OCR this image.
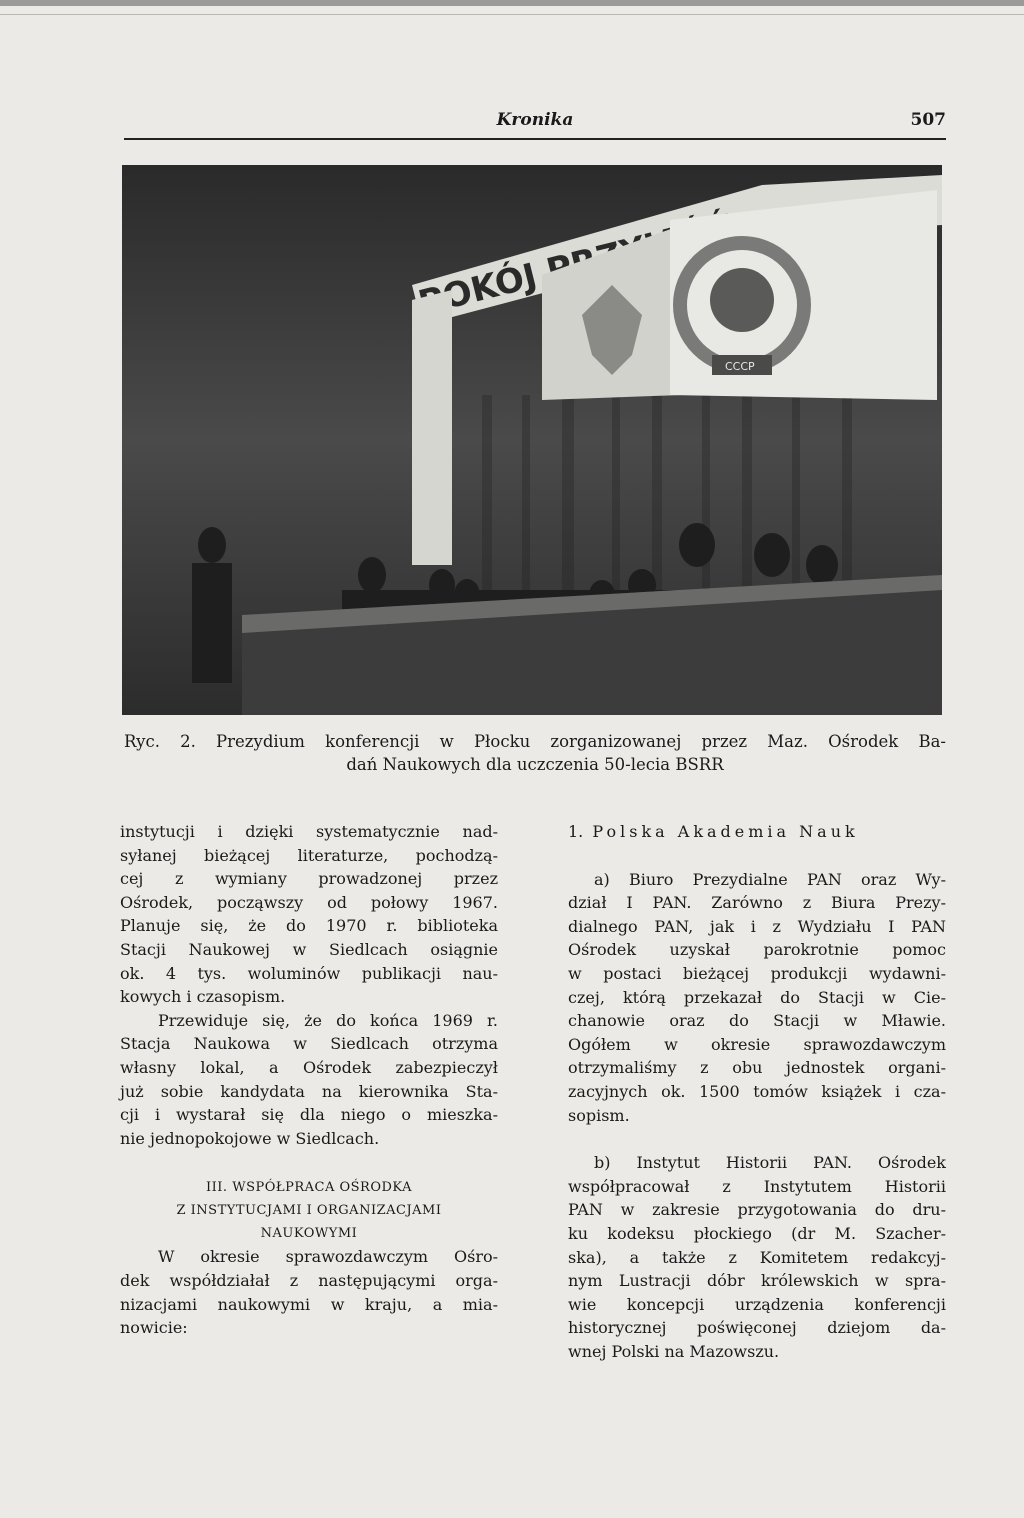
Kronika	507
POKÓJ
СССР
Ryc. 2. Prezydium konferencji w Płocku zorganizowanej przez Maz. Ośrodek Ba-
dań Naukowych dla uczczenia 50-lecia BSRR
instytucji i dzięki systematycznie nad-
syłanej bieżącej literaturze, pochodzą-
cej z wymiany prowadzonej przez
Ośrodek, począwszy od połowy 1967.
Planuje się, że do 1970 r. biblioteka
Stacji Naukowej w Siedlcach osiągnie
ok. 4 tys. woluminów publikacji nau-
kowych i czasopism.
Przewiduje się, że do końca 1969 r.
Stacja Naukowa w Siedlcach otrzyma
własny lokal, a Ośrodek zabezpieczył
już sobie kandydata na kierownika Sta-
cji i wystarał się dla niego o mieszka-
nie jednopokojowe w Siedlcach.
III. WSPÓŁPRACA OŚRODKA
Z INSTYTUCJAMI I ORGANIZACJAMI
NAUKOWYMI
W okresie sprawozdawczym Ośro-
dek współdziałał z następującymi orga-
nizacjami naukowymi w kraju, a mia-
nowicie:
1. Polska Akademia Nauk
a) Biuro Prezydialne PAN oraz Wy-
dział I PAN. Zarówno z Biura Prezy-
dialnego PAN, jak i z Wydziału I PAN
Ośrodek uzyskał parokrotnie pomoc
w postaci bieżącej produkcji wydawni-
czej, którą przekazał do Stacji w Cie-
chanowie oraz do Stacji w Mławie.
Ogółem w okresie sprawozdawczym
otrzymaliśmy z obu jednostek organi-
zacyjnych ok. 1500 tomów książek i cza-
sopism.
b) Instytut Historii PAN. Ośrodek
współpracował z Instytutem Historii
PAN w zakresie przygotowania do dru-
ku kodeksu płockiego (dr M. Szacher-
ska), a także z Komitetem redakcyj-
nym Lustracji dóbr królewskich w spra-
wie koncepcji urządzenia konferencji
historycznej poświęconej dziejom da-
wnej Polski na Mazowszu.
